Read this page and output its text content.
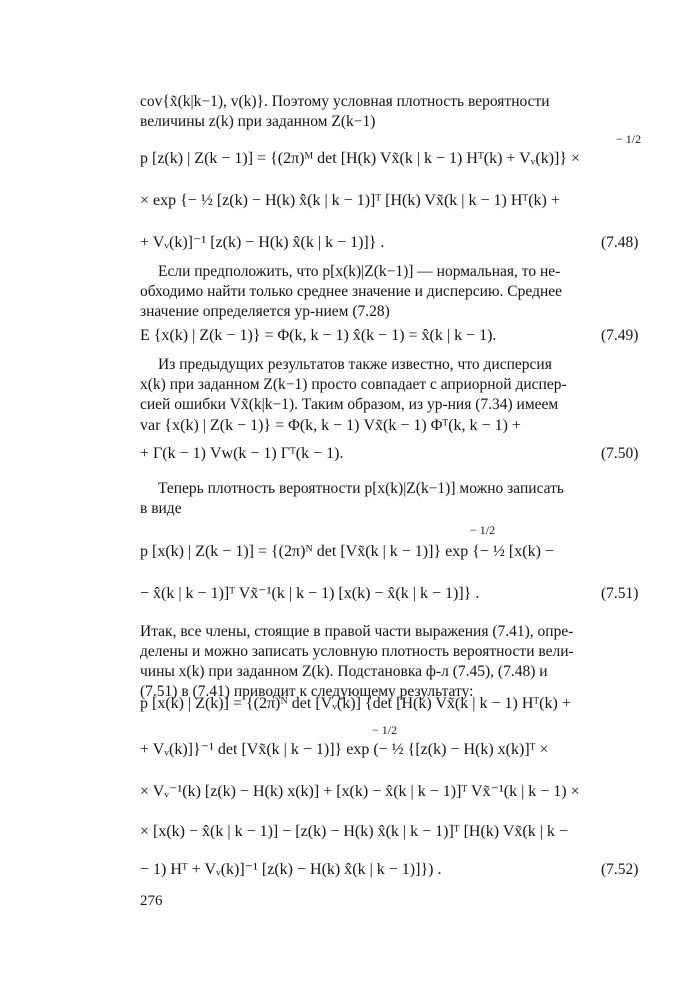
cov{x̃(k|k−1), v(k)}. Поэтому условная плотность вероятности
величины z(k) при заданном Z(k−1)
− 1/2
p [z(k) | Z(k − 1)] = {(2π)ᴹ det [H(k) Vx̃(k | k − 1) Hᵀ(k) + Vᵥ(k)]} ×
× exp {− ½ [z(k) − H(k) x̂(k | k − 1)]ᵀ [H(k) Vx̃(k | k − 1) Hᵀ(k) +
+ Vᵥ(k)]⁻¹ [z(k) − H(k) x̂(k | k − 1)]} .	(7.48)
Если предположить, что p[x(k)|Z(k−1)] — нормальная, то не-
обходимо найти только среднее значение и дисперсию. Среднее
значение определяется ур-нием (7.28)
E {x(k) | Z(k − 1)} = Φ(k, k − 1) x̂(k − 1) = x̂(k | k − 1).	(7.49)
Из предыдущих результатов также известно, что дисперсия
x(k) при заданном Z(k−1) просто совпадает с априорной диспер-
сией ошибки Vx̃(k|k−1). Таким образом, из ур-ния (7.34) имеем
var {x(k) | Z(k − 1)} = Φ(k, k − 1) Vx̃(k − 1) Φᵀ(k, k − 1) +
+ Γ(k − 1) Vw(k − 1) Γᵀ(k − 1).	(7.50)
Теперь плотность вероятности p[x(k)|Z(k−1)] можно записать
в виде
− 1/2
p [x(k) | Z(k − 1)] = {(2π)ᴺ det [Vx̃(k | k − 1)]} exp {− ½ [x(k) −
− x̂(k | k − 1)]ᵀ Vx̃⁻¹(k | k − 1) [x(k) − x̂(k | k − 1)]} .	(7.51)
Итак, все члены, стоящие в правой части выражения (7.41), опре-
делены и можно записать условную плотность вероятности вели-
чины x(k) при заданном Z(k). Подстановка ф-л (7.45), (7.48) и
(7.51) в (7.41) приводит к следующему результату:
p [x(k) | Z(k)] = {(2π)ᴺ det [Vᵥ(k)] {det [H(k) Vx̃(k | k − 1) Hᵀ(k) +
− 1/2
+ Vᵥ(k)]}⁻¹ det [Vx̃(k | k − 1)]} exp (− ½ {[z(k) − H(k) x(k)]ᵀ ×
× Vᵥ⁻¹(k) [z(k) − H(k) x(k)] + [x(k) − x̂(k | k − 1)]ᵀ Vx̃⁻¹(k | k − 1) ×
× [x(k) − x̂(k | k − 1)] − [z(k) − H(k) x̂(k | k − 1)]ᵀ [H(k) Vx̃(k | k −
− 1) Hᵀ + Vᵥ(k)]⁻¹ [z(k) − H(k) x̂(k | k − 1)]}) .	(7.52)
276
